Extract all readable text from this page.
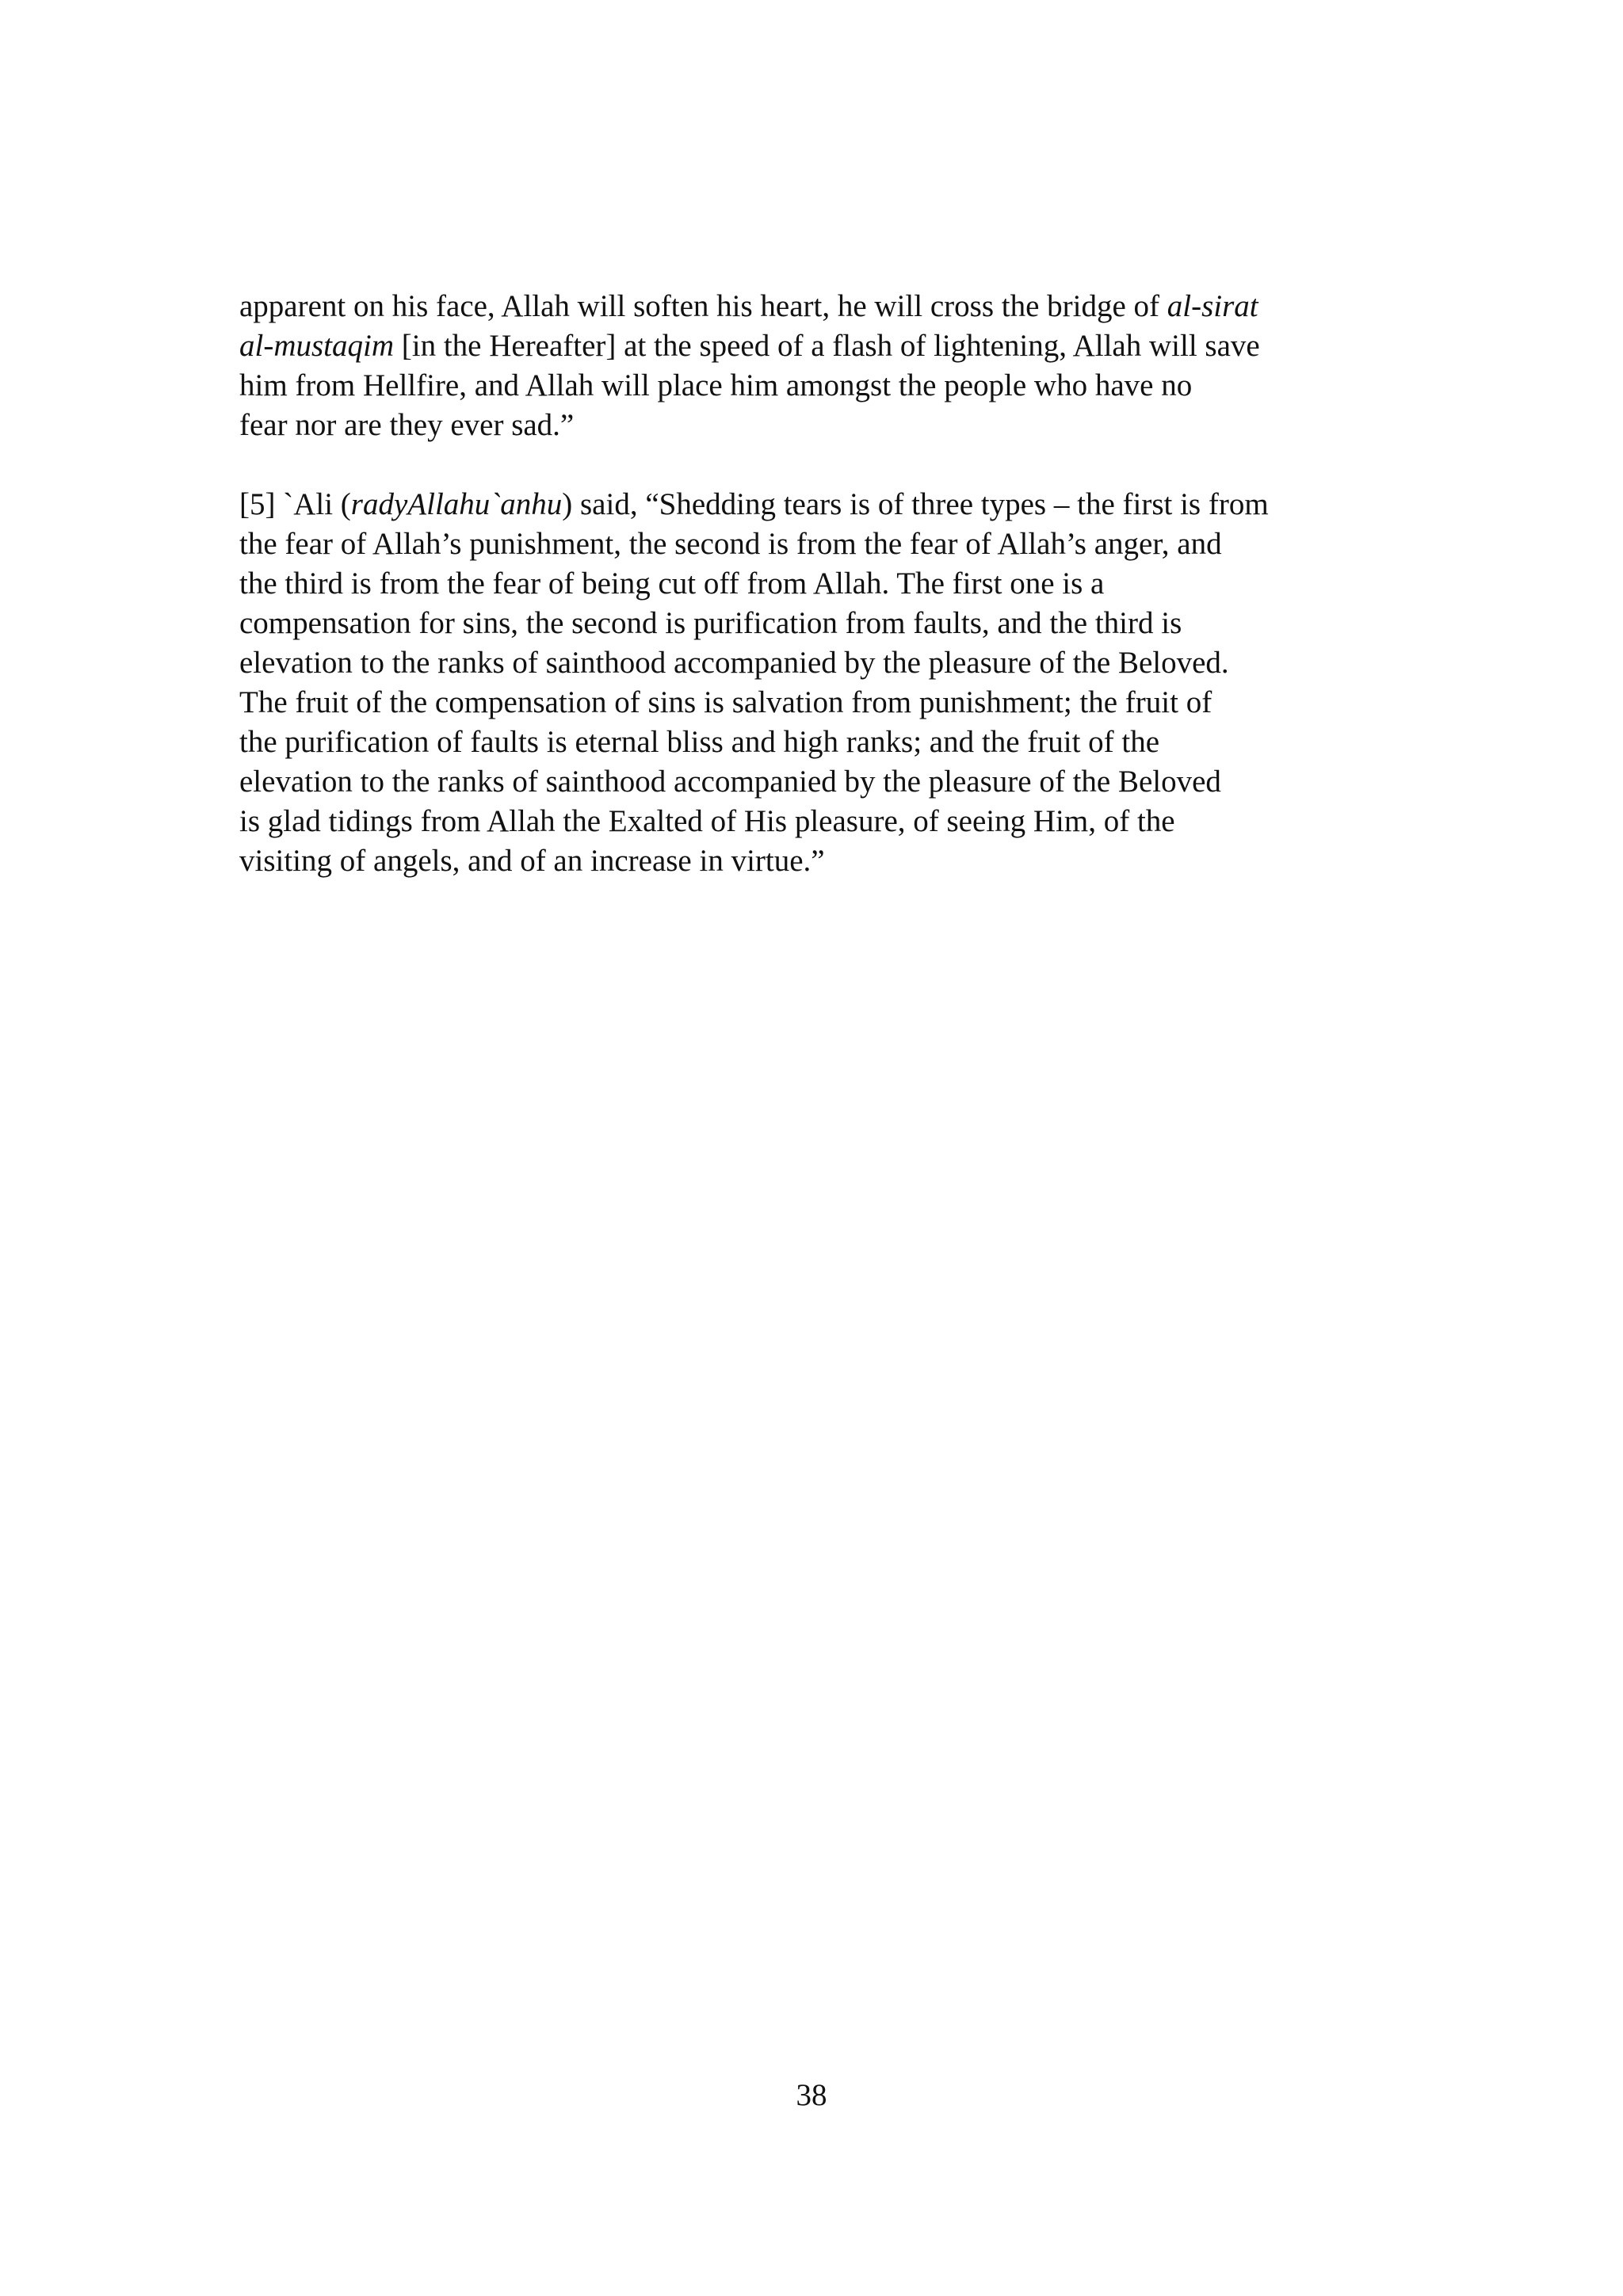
apparent on his face, Allah will soften his heart, he will cross the bridge of al-sirat
al-mustaqim [in the Hereafter] at the speed of a flash of lightening, Allah will save
him from Hellfire, and Allah will place him amongst the people who have no
fear nor are they ever sad.”
[5] `Ali (radyAllahu`anhu) said, “Shedding tears is of three types – the first is from
the fear of Allah’s punishment, the second is from the fear of Allah’s anger, and
the third is from the fear of being cut off from Allah. The first one is a
compensation for sins, the second is purification from faults, and the third is
elevation to the ranks of sainthood accompanied by the pleasure of the Beloved.
The fruit of the compensation of sins is salvation from punishment; the fruit of
the purification of faults is eternal bliss and high ranks; and the fruit of the
elevation to the ranks of sainthood accompanied by the pleasure of the Beloved
is glad tidings from Allah the Exalted of His pleasure, of seeing Him, of the
visiting of angels, and of an increase in virtue.”
38
